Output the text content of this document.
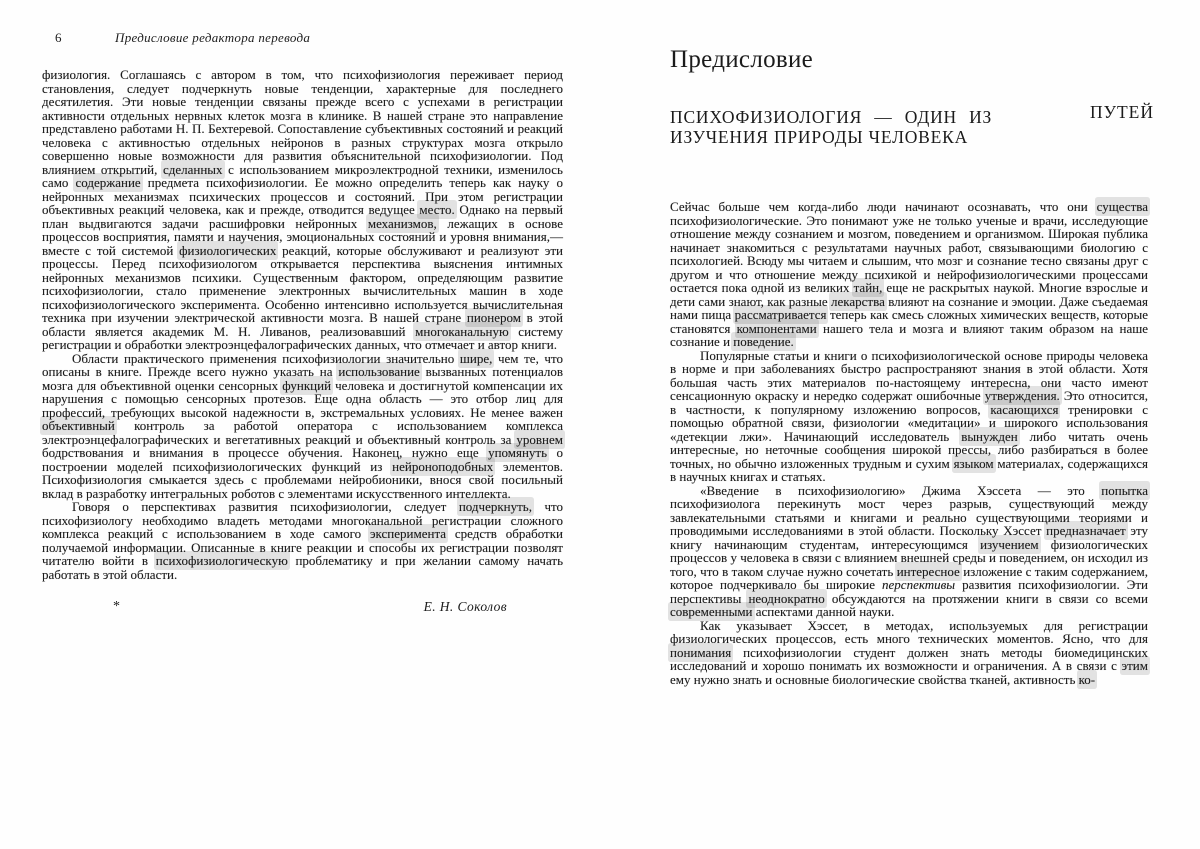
6	Предисловие редактора перевода

физиология. Соглашаясь с автором в том, что психофизиология переживает период становления, следует подчеркнуть новые тенденции, характерные для последнего десятилетия. Эти новые тенденции связаны прежде всего с успехами в регистрации активности отдельных нервных клеток мозга в клинике. В нашей стране это направление представлено работами Н. П. Бехтеревой. Сопоставление субъективных состояний и реакций человека с активностью отдельных нейронов в разных структурах мозга открыло совершенно новые возможности для развития объяснительной психофизиологии. Под влиянием открытий, сделанных с использованием микроэлектродной техники, изменилось само содержание предмета психофизиологии. Ее можно определить теперь как науку о нейронных механизмах психических процессов и состояний. При этом регистрации объективных реакций человека, как и прежде, отводится ведущее место. Однако на первый план выдвигаются задачи расшифровки нейронных механизмов, лежащих в основе процессов восприятия, памяти и научения, эмоциональных состояний и уровня внимания,— вместе с той системой физиологических реакций, которые обслуживают и реализуют эти процессы. Перед психофизиологом открывается перспектива выяснения интимных нейронных механизмов психики. Существенным фактором, определяющим развитие психофизиологии, стало применение электронных вычислительных машин в ходе психофизиологического эксперимента. Особенно интенсивно используется вычислительная техника при изучении электрической активности мозга. В нашей стране пионером в этой области является академик М. Н. Ливанов, реализовавший многоканальную систему регистрации и обработки электроэнцефалографических данных, что отмечает и автор книги.

Области практического применения психофизиологии значительно шире, чем те, что описаны в книге. Прежде всего нужно указать на использование вызванных потенциалов мозга для объективной оценки сенсорных функций человека и достигнутой компенсации их нарушения с помощью сенсорных протезов. Еще одна область — это отбор лиц для профессий, требующих высокой надежности в, экстремальных условиях. Не менее важен объективный контроль за работой оператора с использованием комплекса электроэнцефалографических и вегетативных реакций и объективный контроль за уровнем бодрствования и внимания в процессе обучения. Наконец, нужно еще упомянуть о построении моделей психофизиологических функций из нейроноподобных элементов. Психофизиология смыкается здесь с проблемами нейробионики, внося свой посильный вклад в разработку интегральных роботов с элементами искусственного интеллекта.

Говоря о перспективах развития психофизиологии, следует подчеркнуть, что психофизиологу необходимо владеть методами многоканальной регистрации сложного комплекса реакций с использованием в ходе самого эксперимента средств обработки получаемой информации. Описанные в книге реакции и способы их регистрации позволят читателю войти в психофизиологическую проблематику и при желании самому начать работать в этой области.

*	Е. Н. Соколов
Предисловие
ПСИХОФИЗИОЛОГИЯ — ОДИН ИЗ	ПУТЕЙ
ИЗУЧЕНИЯ ПРИРОДЫ ЧЕЛОВЕКА

Сейчас больше чем когда-либо люди начинают осознавать, что они существа психофизиологические. Это понимают уже не только ученые и врачи, исследующие отношение между сознанием и мозгом, поведением и организмом. Широкая публика начинает знакомиться с результатами научных работ, связывающими биологию с психологией. Всюду мы читаем и слышим, что мозг и сознание тесно связаны друг с другом и что отношение между психикой и нейрофизиологическими процессами остается пока одной из великих тайн, еще не раскрытых наукой. Многие взрослые и дети сами знают, как разные лекарства влияют на сознание и эмоции. Даже съедаемая нами пища рассматривается теперь как смесь сложных химических веществ, которые становятся компонентами нашего тела и мозга и влияют таким образом на наше сознание и поведение.

Популярные статьи и книги о психофизиологической основе природы человека в норме и при заболеваниях быстро распространяют знания в этой области. Хотя большая часть этих материалов по-настоящему интересна, они часто имеют сенсационную окраску и нередко содержат ошибочные утверждения. Это относится, в частности, к популярному изложению вопросов, касающихся тренировки с помощью обратной связи, физиологии «медитации» и широкого использования «детекции лжи». Начинающий исследователь вынужден либо читать очень интересные, но неточные сообщения широкой прессы, либо разбираться в более точных, но обычно изложенных трудным и сухим языком материалах, содержащихся в научных книгах и статьях.

«Введение в психофизиологию» Джима Хэссета — это попытка психофизиолога перекинуть мост через разрыв, существующий между завлекательными статьями и книгами и реально существующими теориями и проводимыми исследованиями в этой области. Поскольку Хэссет предназначает эту книгу начинающим студентам, интересующимся изучением физиологических процессов у человека в связи с влиянием внешней среды и поведением, он исходил из того, что в таком случае нужно сочетать интересное изложение с таким содержанием, которое подчеркивало бы широкие перспективы развития психофизиологии. Эти перспективы неоднократно обсуждаются на протяжении книги в связи со всеми современными аспектами данной науки.

Как указывает Хэссет, в методах, используемых для регистрации физиологических процессов, есть много технических моментов. Ясно, что для понимания психофизиологии студент должен знать методы биомедицинских исследований и хорошо понимать их возможности и ограничения. А в связи с этим ему нужно знать и основные биологические свойства тканей, активность ко-
